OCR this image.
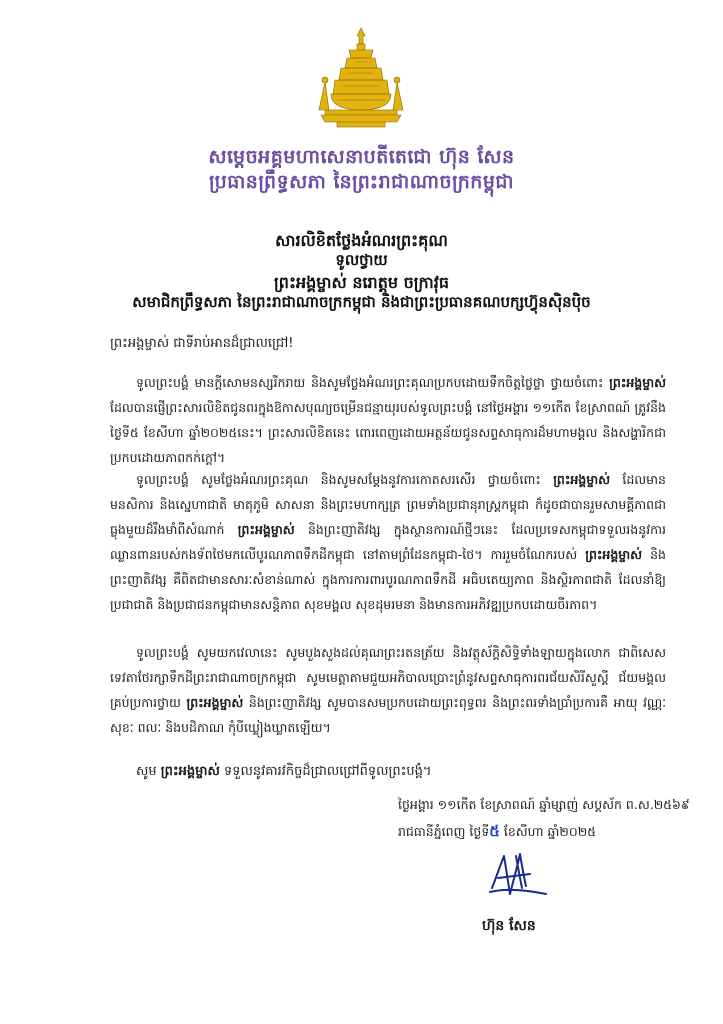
សម្ដេចអគ្គមហាសេនាបតីតេជោ ហ៊ុន សែន
ប្រធានព្រឹទ្ធសភា នៃព្រះរាជាណាចក្រកម្ពុជា
សារលិខិតថ្លែងអំណរព្រះគុណ
ទូលថ្វាយ
ព្រះអង្គម្ចាស់ នរោត្តម ចក្រាវុធ
សមាជិកព្រឹទ្ធសភា នៃព្រះរាជាណាចក្រកម្ពុជា និងជាព្រះប្រធានគណបក្សហ៊្វុនស៊ិនប៉ិច
ព្រះអង្គម្ចាស់ ជាទីរាប់អានដ៏ជ្រាលជ្រៅ!

ទូលព្រះបង្គំ មានក្ដីសោមនស្សរីករាយ និងសូមថ្លែងអំណរព្រះគុណប្រកបដោយទឹកចិត្តថ្លៃថ្លា ថ្វាយចំពោះ ព្រះអង្គម្ចាស់ ដែលបានផ្ញើព្រះសារលិខិតជូនពរក្នុងឱកាសបុណ្យចម្រើនជន្មាយុរបស់ទូលព្រះបង្គំ នៅថ្ងៃអង្គារ ១១កើត ខែស្រាពណ៍ ត្រូវនឹងថ្ងៃទី៥ ខែសីហា ឆ្នាំ២០២៥នេះ។ ព្រះសារលិខិតនេះ ពោរពេញដោយអត្ថន័យជូនសព្ទសាធុការដ៏មហាមង្គល និងសង្ហារិកជាប្រកបដោយភាពកក់ក្ដៅ។

ទូលព្រះបង្គំ សូមថ្លែងអំណរព្រះគុណ និងសូមសម្ដែងនូវការកោតសរសើរ ថ្វាយចំពោះ ព្រះអង្គម្ចាស់ ដែលមានមនសិការ និងស្នេហាជាតិ មាតុភូមិ សាសនា និងព្រះមហាក្សត្រ ព្រមទាំងប្រជានុរាស្ត្រកម្ពុជា ក៏ដូចជាបានរួមសាមគ្គីភាពជាធ្លុងមួយដ៏រឹងមាំពីសំណាក់ ព្រះអង្គម្ចាស់ និងព្រះញាតិវង្ស ក្នុងស្ថានការណ៍ថ្មីៗនេះ ដែលប្រទេសកម្ពុជាទទួលរងនូវការឈ្លានពានរបស់កងទ័ពថៃមកលើបូរណភាពទឹកដីកម្ពុជា នៅតាមព្រំដែនកម្ពុជា-ថៃ។ ការរួមចំណែករបស់ ព្រះអង្គម្ចាស់ និងព្រះញាតិវង្ស គឺពិតជាមានសារៈសំខាន់ណាស់ ក្នុងការការពារបូរណភាពទឹកដី អធិបតេយ្យភាព និងស្ថិរភាពជាតិ ដែលនាំឱ្យប្រជាជាតិ និងប្រជាជនកម្ពុជាមានសន្តិភាព សុខមង្គល សុខដុមរមនា និងមានការអភិវឌ្ឍប្រកបដោយចីរភាព។

ទូលព្រះបង្គំ សូមយកវេលានេះ សូមបួងសួងដល់គុណព្រះរតនត្រ័យ និងវត្ថុស័ក្ដិសិទ្ធិទាំងឡាយក្នុងលោក ជាពិសេសទេវតាថែរក្សាទឹកដីព្រះរាជាណាចក្រកម្ពុជា សូមមេត្តាតាមជួយអភិបាលប្រោះព្រំនូវសព្ទសាធុការពរជ័យសិរីសួស្ដី ជ័យមង្គលគ្រប់ប្រការថ្វាយ ព្រះអង្គម្ចាស់ និងព្រះញាតិវង្ស សូមបានសមប្រកបដោយព្រះពុទ្ធពរ និងព្រះពរទាំងប្រាំប្រការគឺ អាយុ វណ្ណៈ សុខៈ ពលៈ និងបដិភាណ កុំបីឃ្លៀងឃ្លាតឡើយ។

សូម ព្រះអង្គម្ចាស់ ទទួលនូវគារវកិច្ចដ៏ជ្រាលជ្រៅពីទូលព្រះបង្គំ។
ថ្ងៃអង្គារ ១១កើត ខែស្រាពណ៍ ឆ្នាំម្សាញ់ សប្តស័ក ព.ស.២៥៦៩
រាជធានីភ្នំពេញ ថ្ងៃទី៥ ខែសីហា ឆ្នាំ២០២៥
ហ៊ុន សែន
